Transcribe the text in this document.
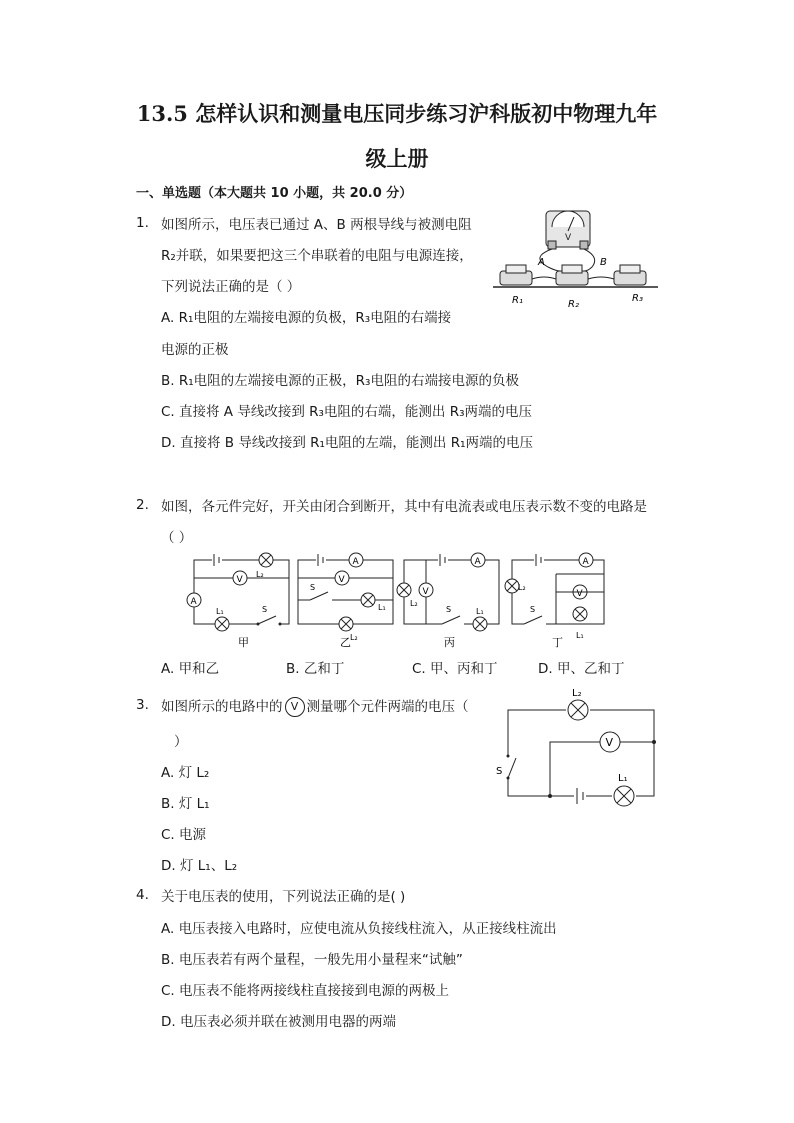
13.5 怎样认识和测量电压同步练习沪科版初中物理九年
级上册
一、单选题（本大题共 10 小题，共 20.0 分）
1. 如图所示，电压表已通过 A、B 两根导线与被测电阻
R₂并联，如果要把这三个串联着的电阻与电源连接，
下列说法正确的是（ ）
A. R₁电阻的左端接电源的负极，R₃电阻的右端接
电源的正极
B. R₁电阻的左端接电源的正极，R₃电阻的右端接电源的负极
C. 直接将 A 导线改接到 R₃电阻的右端，能测出 R₃两端的电压
D. 直接将 B 导线改接到 R₁电阻的左端，能测出 R₁两端的电压
V
A	B
R₁	R₂
R₃
2. 如图，各元件完好，开关由闭合到断开，其中有电流表或电压表示数不变的电路是
（ ）
V
L₂
A
L₁	S
甲
A
V
S
L₁
L₂
乙
A
L₂
V
S	L₁
丙
A
L₂
V
S
L₁
丁
A. 甲和乙	B. 乙和丁	C. 甲、丙和丁	D. 甲、乙和丁
3. 如图所示的电路中的 V 测量哪个元件两端的电压（
）
A. 灯 L₂
B. 灯 L₁
C. 电源
D. 灯 L₁、L₂
L₂
V
S
L₁
4. 关于电压表的使用，下列说法正确的是( )
A. 电压表接入电路时，应使电流从负接线柱流入，从正接线柱流出
B. 电压表若有两个量程，一般先用小量程来“试触”
C. 电压表不能将两接线柱直接接到电源的两极上
D. 电压表必须并联在被测用电器的两端
